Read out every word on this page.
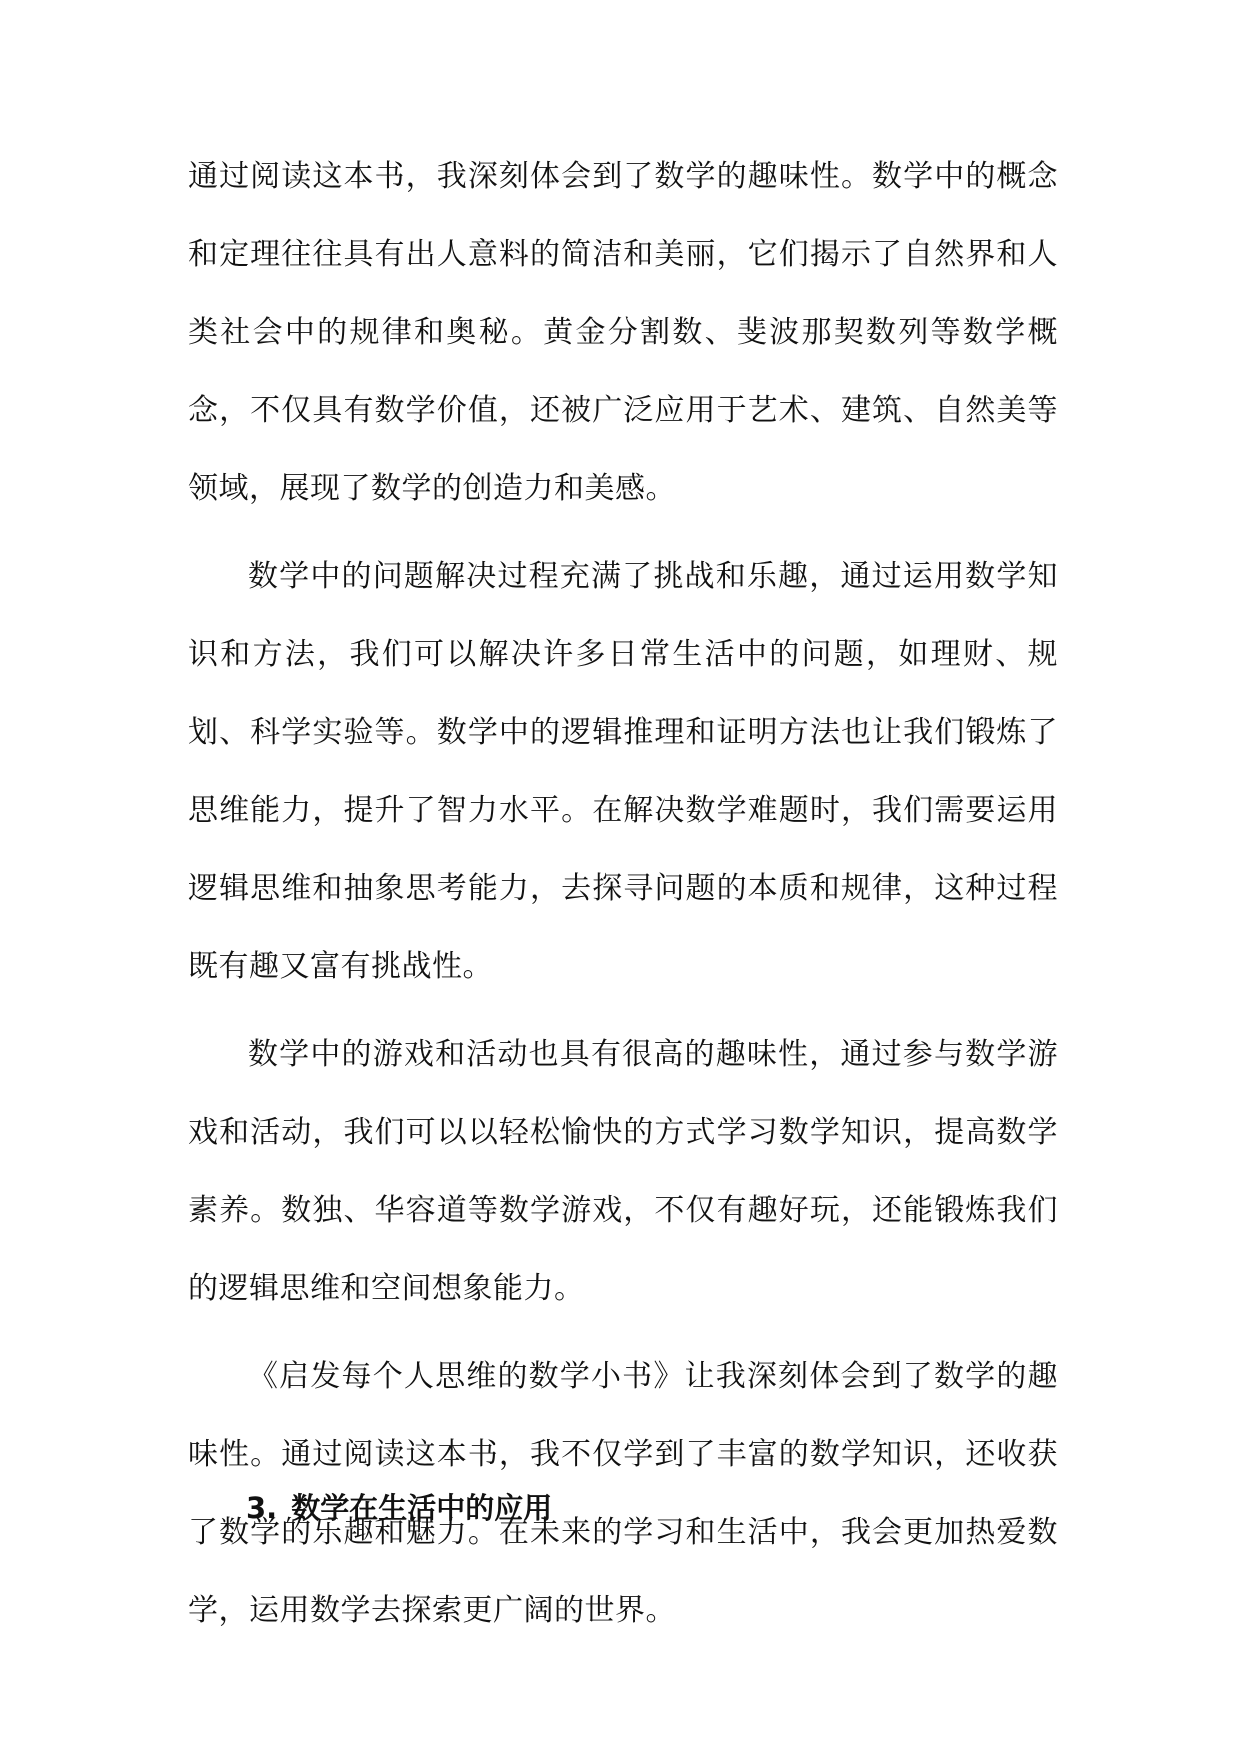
通过阅读这本书，我深刻体会到了数学的趣味性。数学中的概念和定理往往具有出人意料的简洁和美丽，它们揭示了自然界和人类社会中的规律和奥秘。黄金分割数、斐波那契数列等数学概念，不仅具有数学价值，还被广泛应用于艺术、建筑、自然美等领域，展现了数学的创造力和美感。

数学中的问题解决过程充满了挑战和乐趣，通过运用数学知识和方法，我们可以解决许多日常生活中的问题，如理财、规划、科学实验等。数学中的逻辑推理和证明方法也让我们锻炼了思维能力，提升了智力水平。在解决数学难题时，我们需要运用逻辑思维和抽象思考能力，去探寻问题的本质和规律，这种过程既有趣又富有挑战性。

数学中的游戏和活动也具有很高的趣味性，通过参与数学游戏和活动，我们可以以轻松愉快的方式学习数学知识，提高数学素养。数独、华容道等数学游戏，不仅有趣好玩，还能锻炼我们的逻辑思维和空间想象能力。

《启发每个人思维的数学小书》让我深刻体会到了数学的趣味性。通过阅读这本书，我不仅学到了丰富的数学知识，还收获了数学的乐趣和魅力。在未来的学习和生活中，我会更加热爱数学，运用数学去探索更广阔的世界。

3. 数学在生活中的应用
